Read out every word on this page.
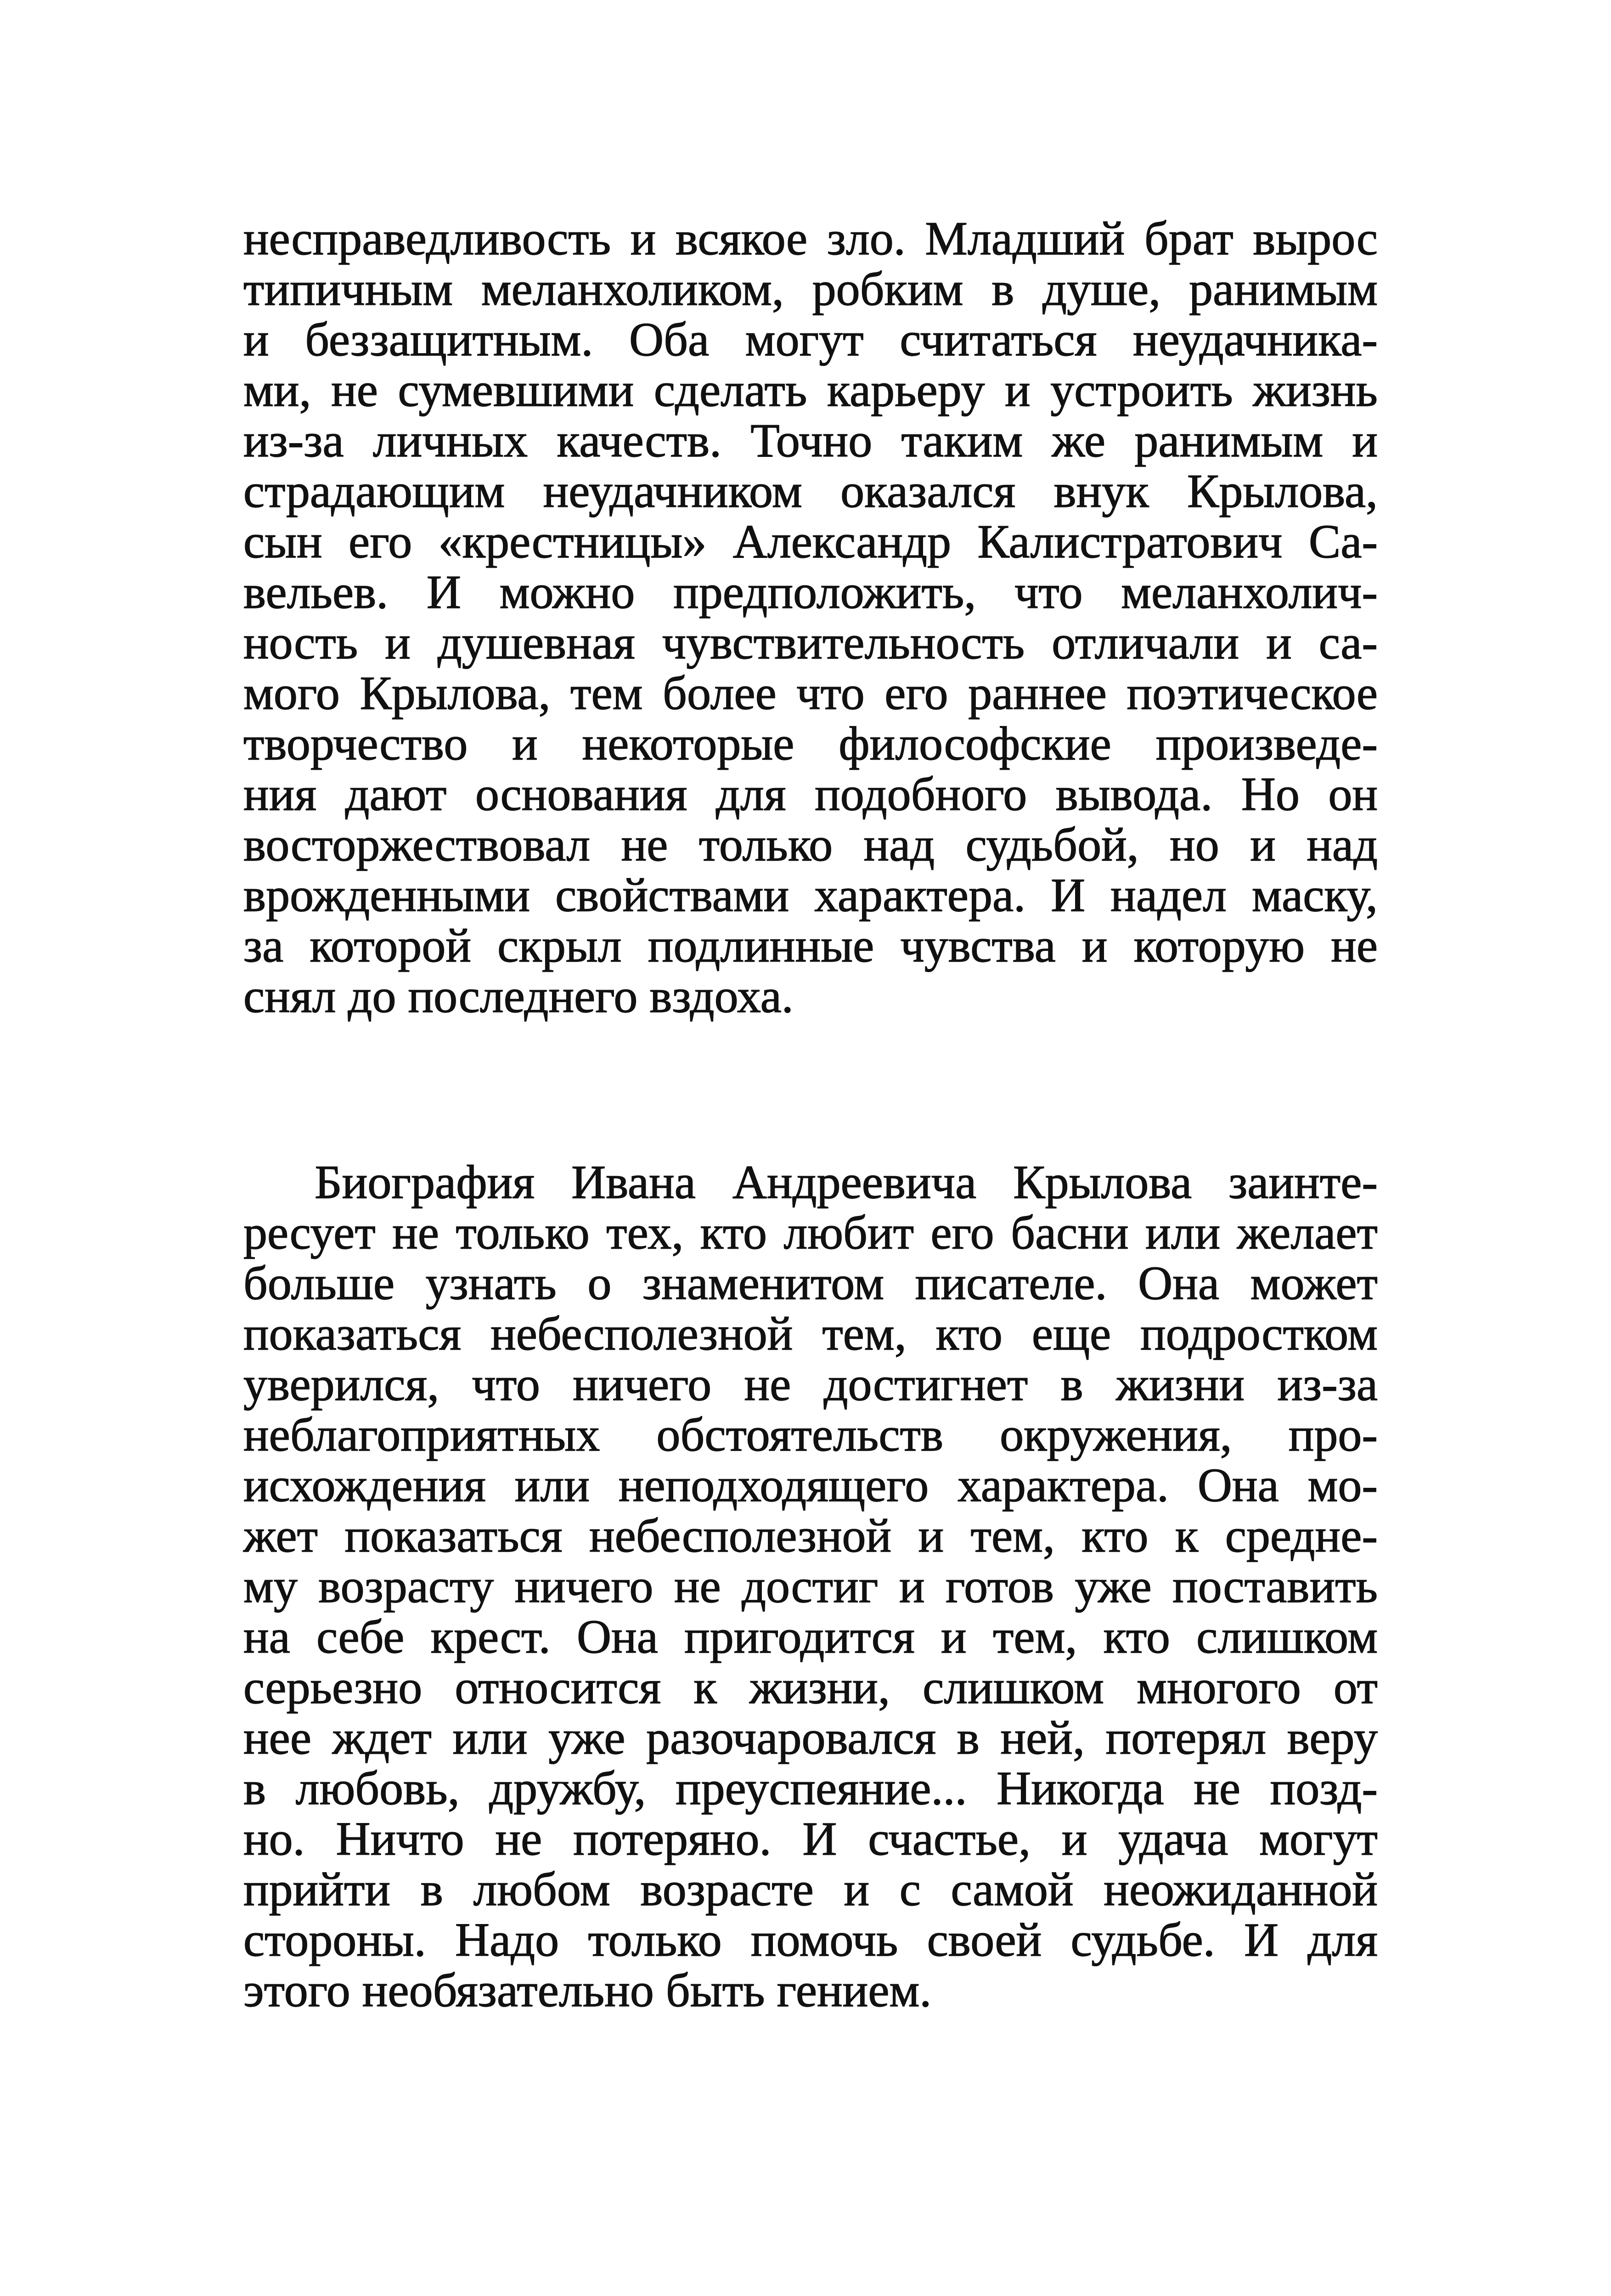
несправедливость и всякое зло. Младший брат вырос
типичным меланхоликом, робким в душе, ранимым
и беззащитным. Оба могут считаться неудачника-
ми, не сумевшими сделать карьеру и устроить жизнь
из-за личных качеств. Точно таким же ранимым и
страдающим неудачником оказался внук Крылова,
сын его «крестницы» Александр Калистратович Са-
вельев. И можно предположить, что меланхолич-
ность и душевная чувствительность отличали и са-
мого Крылова, тем более что его раннее поэтическое
творчество и некоторые философские произведе-
ния дают основания для подобного вывода. Но он
восторжествовал не только над судьбой, но и над
врожденными свойствами характера. И надел маску,
за которой скрыл подлинные чувства и которую не
снял до последнего вздоха.
Биография Ивана Андреевича Крылова заинте-
ресует не только тех, кто любит его басни или желает
больше узнать о знаменитом писателе. Она может
показаться небесполезной тем, кто еще подростком
уверился, что ничего не достигнет в жизни из-за
неблагоприятных обстоятельств окружения, про-
исхождения или неподходящего характера. Она мо-
жет показаться небесполезной и тем, кто к средне-
му возрасту ничего не достиг и готов уже поставить
на себе крест. Она пригодится и тем, кто слишком
серьезно относится к жизни, слишком многого от
нее ждет или уже разочаровался в ней, потерял веру
в любовь, дружбу, преуспеяние... Никогда не позд-
но. Ничто не потеряно. И счастье, и удача могут
прийти в любом возрасте и с самой неожиданной
стороны. Надо только помочь своей судьбе. И для
этого необязательно быть гением.
